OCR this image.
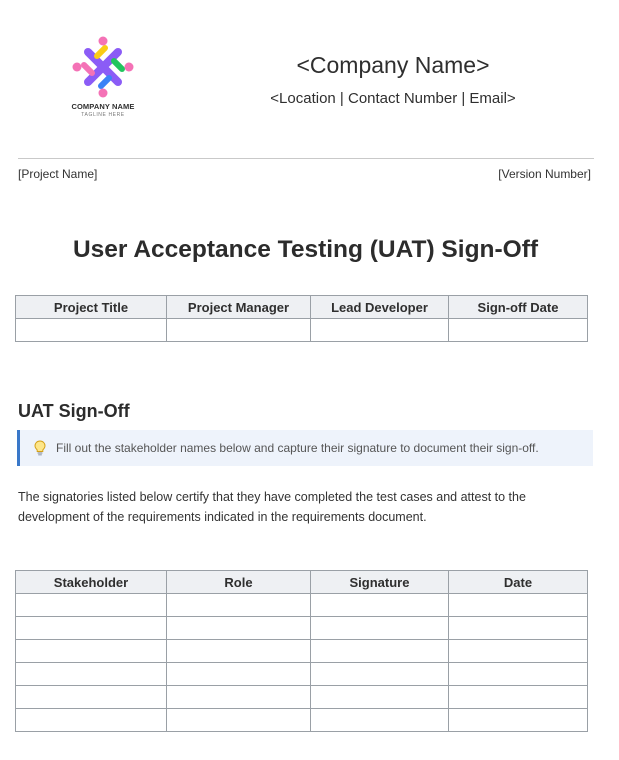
COMPANY NAME
TAGLINE HERE
<Company Name>
<Location | Contact Number | Email>
[Project Name]	[Version Number]
User Acceptance Testing (UAT) Sign-Off
Project Title	Project Manager	Lead Developer	Sign-off Date

UAT Sign-Off
Fill out the stakeholder names below and capture their signature to document their sign-off.
The signatories listed below certify that they have completed the test cases and attest to the development of the requirements indicated in the requirements document.
Stakeholder	Role	Signature	Date
